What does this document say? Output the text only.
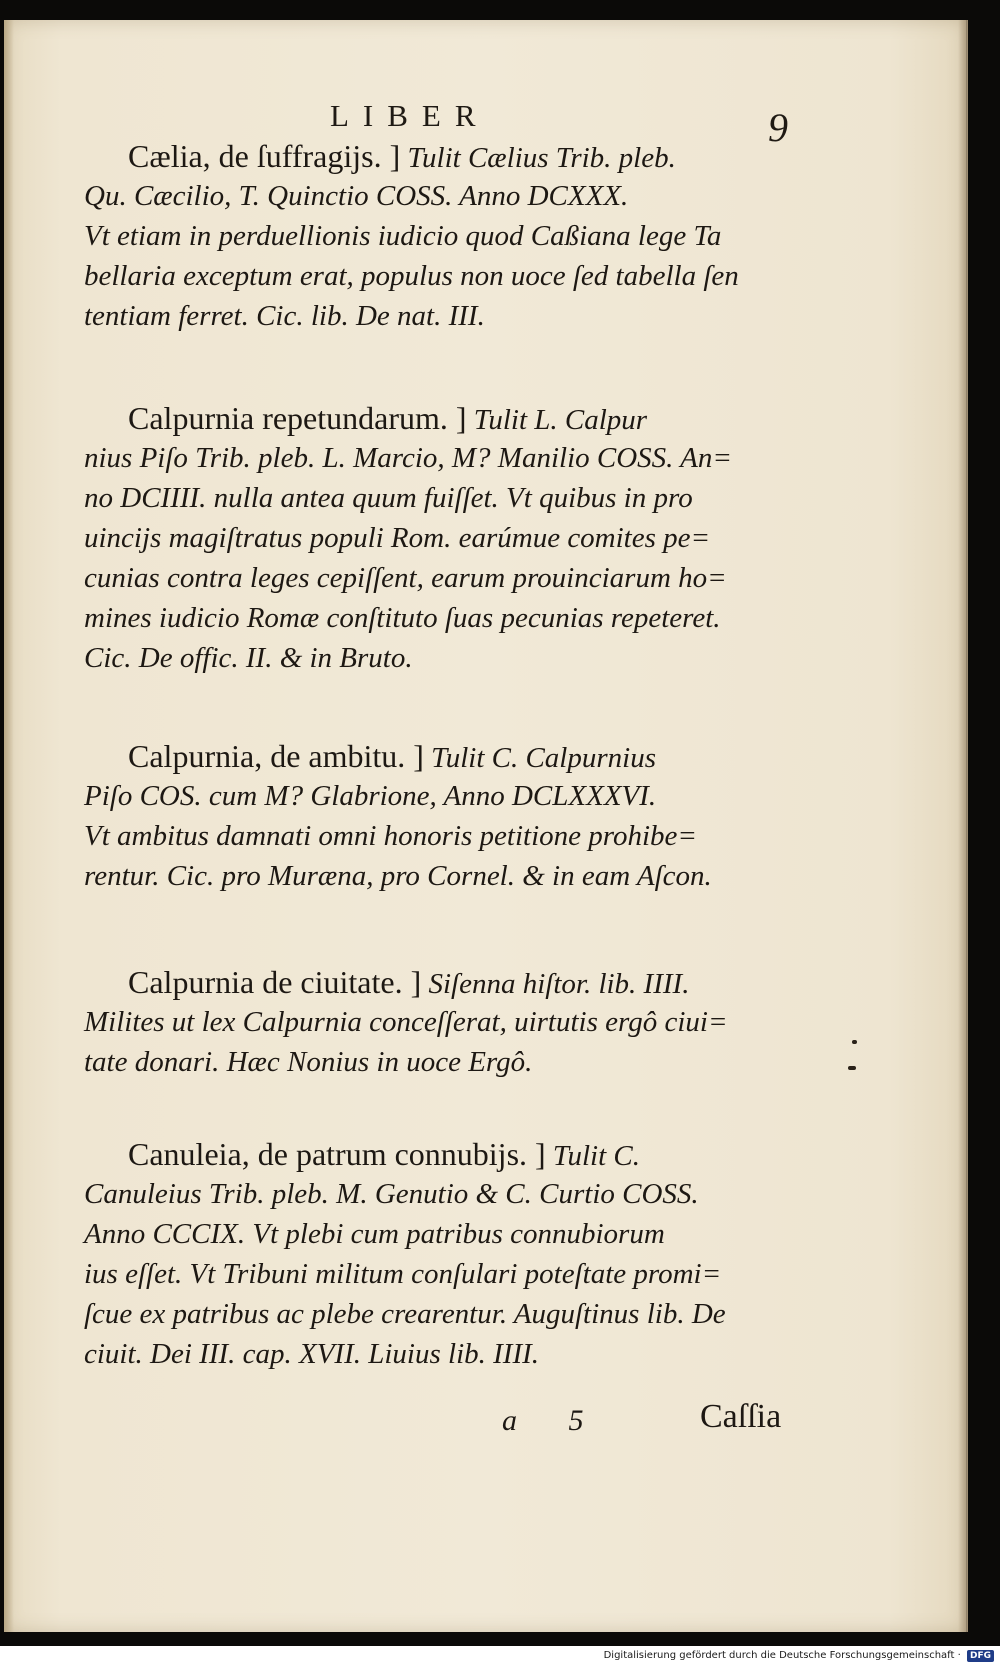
LIBER	9
Cælia, de ſuffragijs. ] Tulit Cælius Trib. pleb.
Qu. Cæcilio, T. Quinctio COSS. Anno DCXXX.
Vt etiam in perduellionis iudicio quod Caßiana lege Ta
bellaria exceptum erat, populus non uoce ſed tabella ſen
tentiam ferret. Cic. lib. De nat. III.
Calpurnia repetundarum. ] Tulit L. Calpur
nius Piſo Trib. pleb. L. Marcio, M? Manilio COSS. An=
no DCIIII. nulla antea quum fuiſſet. Vt quibus in pro
uincijs magiſtratus populi Rom. earúmue comites pe=
cunias contra leges cepiſſent, earum prouinciarum ho=
mines iudicio Romæ conſtituto ſuas pecunias repeteret.
Cic. De offic. II. & in Bruto.
Calpurnia, de ambitu. ] Tulit C. Calpurnius
Piſo COS. cum M? Glabrione, Anno DCLXXXVI.
Vt ambitus damnati omni honoris petitione prohibe=
rentur. Cic. pro Muræna, pro Cornel. & in eam Aſcon.
Calpurnia de ciuitate. ] Siſenna hiſtor. lib. IIII.
Milites ut lex Calpurnia conceſſerat, uirtutis ergô ciui=
tate donari. Hæc Nonius in uoce Ergô.
Canuleia, de patrum connubijs. ] Tulit C.
Canuleius Trib. pleb. M. Genutio & C. Curtio COSS.
Anno CCCIX. Vt plebi cum patribus connubiorum
ius eſſet. Vt Tribuni militum conſulari poteſtate promi=
ſcue ex patribus ac plebe crearentur. Auguſtinus lib. De
ciuit. Dei III. cap. XVII. Liuius lib. IIII.
a 5	Caſſia
Digitalisierung gefördert durch die Deutsche Forschungsgemeinschaft · DFG
